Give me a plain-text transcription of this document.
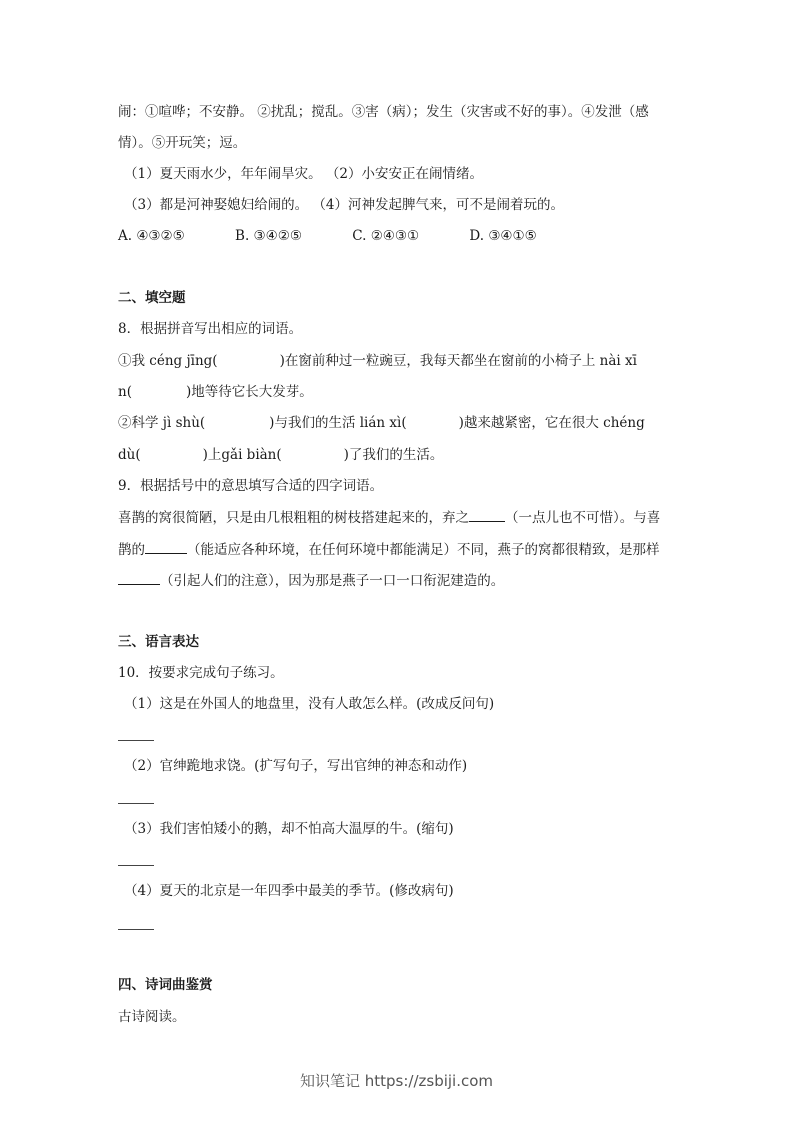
闹：①喧哗；不安静。 ②扰乱；搅乱。③害（病）；发生（灾害或不好的事）。④发泄（感
情）。⑤开玩笑；逗。
（1）夏天雨水少，年年闹旱灾。 （2）小安安正在闹情绪。
（3）都是河神娶媳妇给闹的。 （4）河神发起脾气来，可不是闹着玩的。
A. ④③②⑤	B. ③④②⑤	C. ②④③①	D. ③④①⑤
二、填空题
8．根据拼音写出相应的词语。
①我 céng jīng(	)在窗前种过一粒豌豆，我每天都坐在窗前的小椅子上 nài xī
n(	)地等待它长大发芽。
②科学 jì shù(	)与我们的生活 lián xì(	)越来越紧密，它在很大 chéng
dù(	)上gǎi biàn(	)了我们的生活。
9．根据括号中的意思填写合适的四字词语。
喜鹊的窝很简陋，只是由几根粗粗的树枝搭建起来的，弃之	（一点儿也不可惜）。与喜
鹊的	（能适应各种环境，在任何环境中都能满足）不同，燕子的窝都很精致，是那样
（引起人们的注意），因为那是燕子一口一口衔泥建造的。
三、语言表达
10．按要求完成句子练习。
（1）这是在外国人的地盘里，没有人敢怎么样。(改成反问句)
（2）官绅跪地求饶。(扩写句子，写出官绅的神态和动作)
（3）我们害怕矮小的鹅，却不怕高大温厚的牛。(缩句)
（4）夏天的北京是一年四季中最美的季节。(修改病句)
四、诗词曲鉴赏
古诗阅读。
知识笔记 https://zsbiji.com
